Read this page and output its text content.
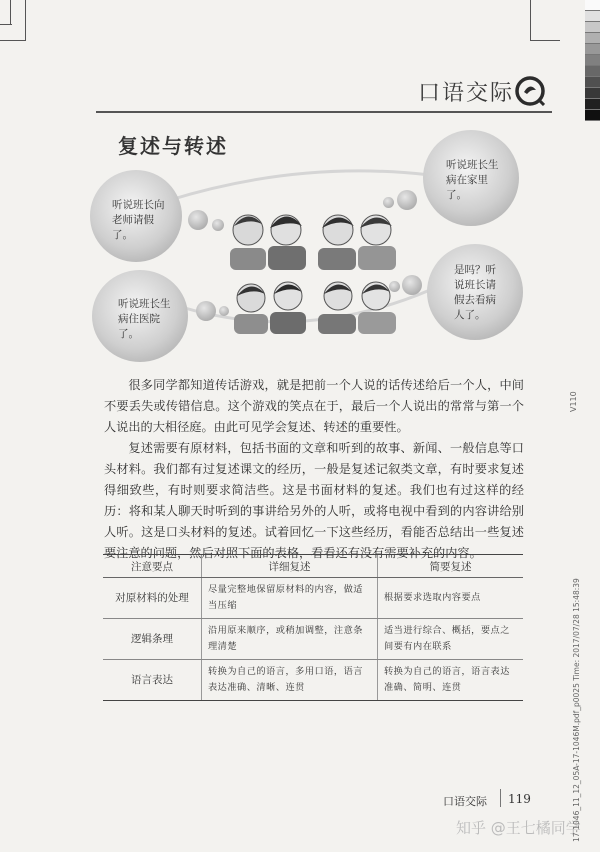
口语交际
复述与转述
听说班长向老师请假了。
听说班长生病在家里了。
听说班长生病住医院了。
是吗？听说班长请假去看病人了。

很多同学都知道传话游戏，就是把前一个人说的话传述给后一个人，中间不要丢失或传错信息。这个游戏的笑点在于，最后一个人说出的常常与第一个人说出的大相径庭。由此可见学会复述、转述的重要性。

复述需要有原材料，包括书面的文章和听到的故事、新闻、一般信息等口头材料。我们都有过复述课文的经历，一般是复述记叙类文章，有时要求复述得细致些，有时则要求简洁些。这是书面材料的复述。我们也有过这样的经历：将和某人聊天时听到的事讲给另外的人听，或将电视中看到的内容讲给别人听。这是口头材料的复述。试着回忆一下这些经历，看能否总结出一些复述要注意的问题，然后对照下面的表格，看看还有没有需要补充的内容。

注意要点	详细复述	简要复述
对原材料的处理	尽量完整地保留原材料的内容，做适当压缩	根据要求选取内容要点
逻辑条理	沿用原来顺序，或稍加调整，注意条理清楚	适当进行综合、概括，要点之间要有内在联系
语言表达	转换为自己的语言，多用口语，语言表达准确、清晰、连贯	转换为自己的语言，语言表达准确、简明、连贯
口语交际 119
知乎 @王七橘同学
V110
17-1046_11_12_05A-17-1046M.pdf_p0025 Time: 2017/07/28 15:48:39
